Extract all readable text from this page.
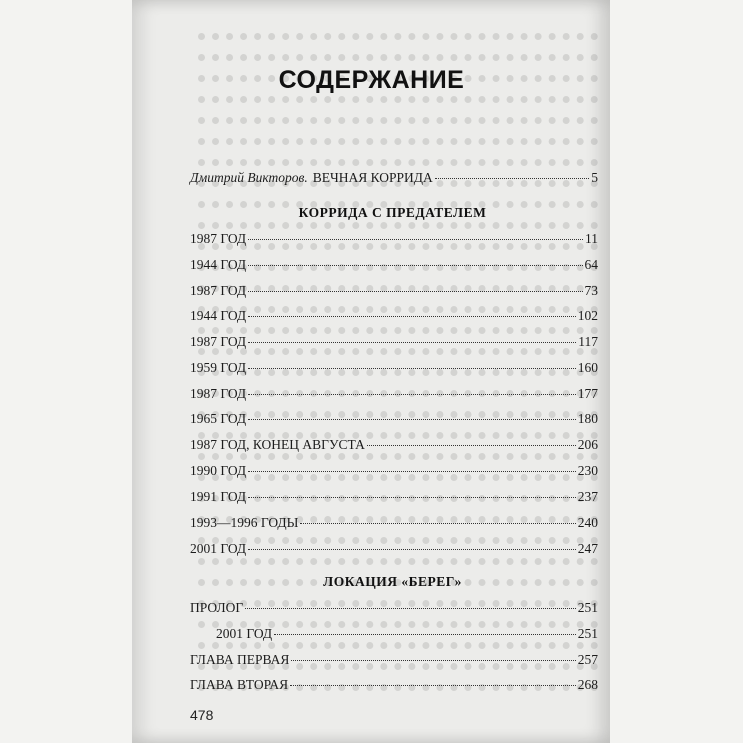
СОДЕРЖАНИЕ
Дмитрий Викторов. ВЕЧНАЯ КОРРИДА	5
КОРРИДА С ПРЕДАТЕЛЕМ
1987 ГОД	11
1944 ГОД	64
1987 ГОД	73
1944 ГОД	102
1987 ГОД	117
1959 ГОД	160
1987 ГОД	177
1965 ГОД	180
1987 ГОД, КОНЕЦ АВГУСТА	206
1990 ГОД	230
1991 ГОД	237
1993—1996 ГОДЫ	240
2001 ГОД	247
ЛОКАЦИЯ «БЕРЕГ»
ПРОЛОГ	251
2001 ГОД	251
ГЛАВА ПЕРВАЯ	257
ГЛАВА ВТОРАЯ	268
478
